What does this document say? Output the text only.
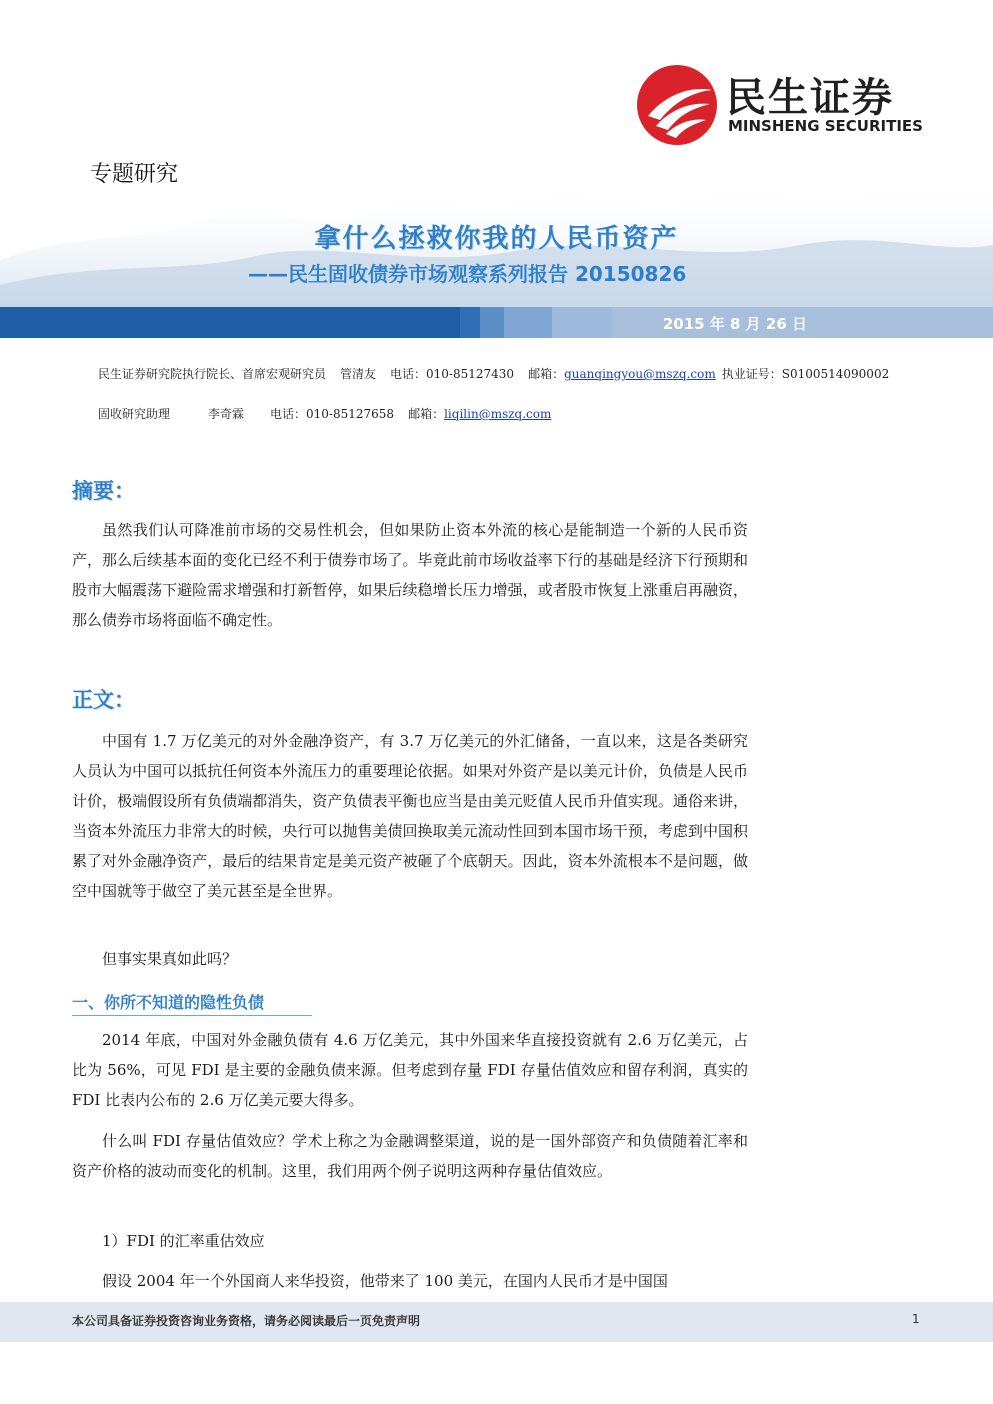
民生证券
MINSHENG SECURITIES
专题研究
拿什么拯救你我的人民币资产
——民生固收债券市场观察系列报告 20150826
2015 年 8 月 26 日
民生证券研究院执行院长、首席宏观研究员 管清友 电话：010-85127430 邮箱：guanqingyou@mszq.com 执业证号：S0100514090002
固收研究助理	李奇霖 电话：010-85127658 邮箱：liqilin@mszq.com
摘要：
虽然我们认可降准前市场的交易性机会，但如果防止资本外流的核心是能制造一个新的人民币资产，那么后续基本面的变化已经不利于债券市场了。毕竟此前市场收益率下行的基础是经济下行预期和股市大幅震荡下避险需求增强和打新暂停，如果后续稳增长压力增强，或者股市恢复上涨重启再融资，那么债券市场将面临不确定性。
正文：
中国有 1.7 万亿美元的对外金融净资产，有 3.7 万亿美元的外汇储备，一直以来，这是各类研究人员认为中国可以抵抗任何资本外流压力的重要理论依据。如果对外资产是以美元计价，负债是人民币计价，极端假设所有负债端都消失，资产负债表平衡也应当是由美元贬值人民币升值实现。通俗来讲，当资本外流压力非常大的时候，央行可以抛售美债回换取美元流动性回到本国市场干预，考虑到中国积累了对外金融净资产，最后的结果肯定是美元资产被砸了个底朝天。因此，资本外流根本不是问题，做空中国就等于做空了美元甚至是全世界。
但事实果真如此吗？
一、你所不知道的隐性负债
2014 年底，中国对外金融负债有 4.6 万亿美元，其中外国来华直接投资就有 2.6 万亿美元，占比为 56%，可见 FDI 是主要的金融负债来源。但考虑到存量 FDI 存量估值效应和留存利润，真实的 FDI 比表内公布的 2.6 万亿美元要大得多。
什么叫 FDI 存量估值效应？学术上称之为金融调整渠道，说的是一国外部资产和负债随着汇率和资产价格的波动而变化的机制。这里，我们用两个例子说明这两种存量估值效应。
1）FDI 的汇率重估效应
假设 2004 年一个外国商人来华投资，他带来了 100 美元，在国内人民币才是中国国
本公司具备证券投资咨询业务资格，请务必阅读最后一页免责声明	1
